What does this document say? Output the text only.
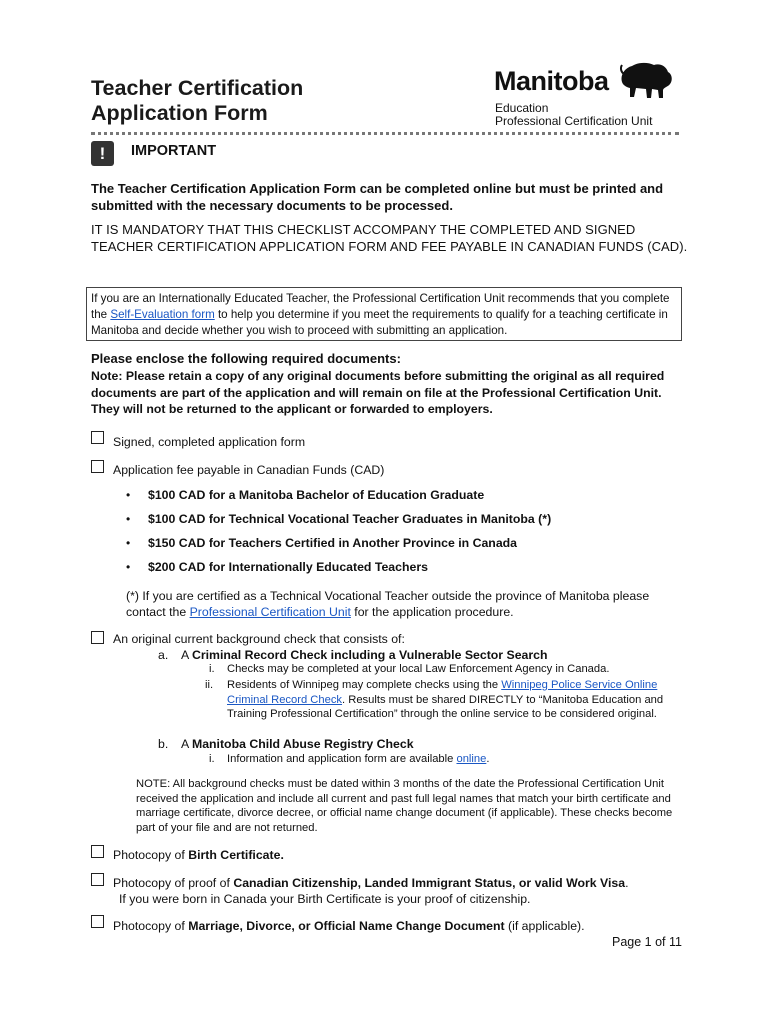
Teacher Certification
Application Form
Manitoba
Education
Professional Certification Unit
!	IMPORTANT
The Teacher Certification Application Form can be completed online but must be printed and submitted with the necessary documents to be processed.
IT IS MANDATORY THAT THIS CHECKLIST ACCOMPANY THE COMPLETED AND SIGNED TEACHER CERTIFICATION APPLICATION FORM AND FEE PAYABLE IN CANADIAN FUNDS (CAD).
If you are an Internationally Educated Teacher, the Professional Certification Unit recommends that you complete the Self-Evaluation form to help you determine if you meet the requirements to qualify for a teaching certificate in Manitoba and decide whether you wish to proceed with submitting an application.
Please enclose the following required documents:
Note: Please retain a copy of any original documents before submitting the original as all required documents are part of the application and will remain on file at the Professional Certification Unit. They will not be returned to the applicant or forwarded to employers.
Signed, completed application form
Application fee payable in Canadian Funds (CAD)
• $100 CAD for a Manitoba Bachelor of Education Graduate
• $100 CAD for Technical Vocational Teacher Graduates in Manitoba (*)
• $150 CAD for Teachers Certified in Another Province in Canada
• $200 CAD for Internationally Educated Teachers
(*) If you are certified as a Technical Vocational Teacher outside the province of Manitoba please contact the Professional Certification Unit for the application procedure.
An original current background check that consists of:
a. A Criminal Record Check including a Vulnerable Sector Search
i. Checks may be completed at your local Law Enforcement Agency in Canada.
ii. Residents of Winnipeg may complete checks using the Winnipeg Police Service Online Criminal Record Check. Results must be shared DIRECTLY to “Manitoba Education and Training Professional Certification” through the online service to be considered original.
b. A Manitoba Child Abuse Registry Check
i. Information and application form are available online.
NOTE: All background checks must be dated within 3 months of the date the Professional Certification Unit received the application and include all current and past full legal names that match your birth certificate and marriage certificate, divorce decree, or official name change document (if applicable). These checks become part of your file and are not returned.
Photocopy of Birth Certificate.
Photocopy of proof of Canadian Citizenship, Landed Immigrant Status, or valid Work Visa.
If you were born in Canada your Birth Certificate is your proof of citizenship.
Photocopy of Marriage, Divorce, or Official Name Change Document (if applicable).
Page 1 of 11
